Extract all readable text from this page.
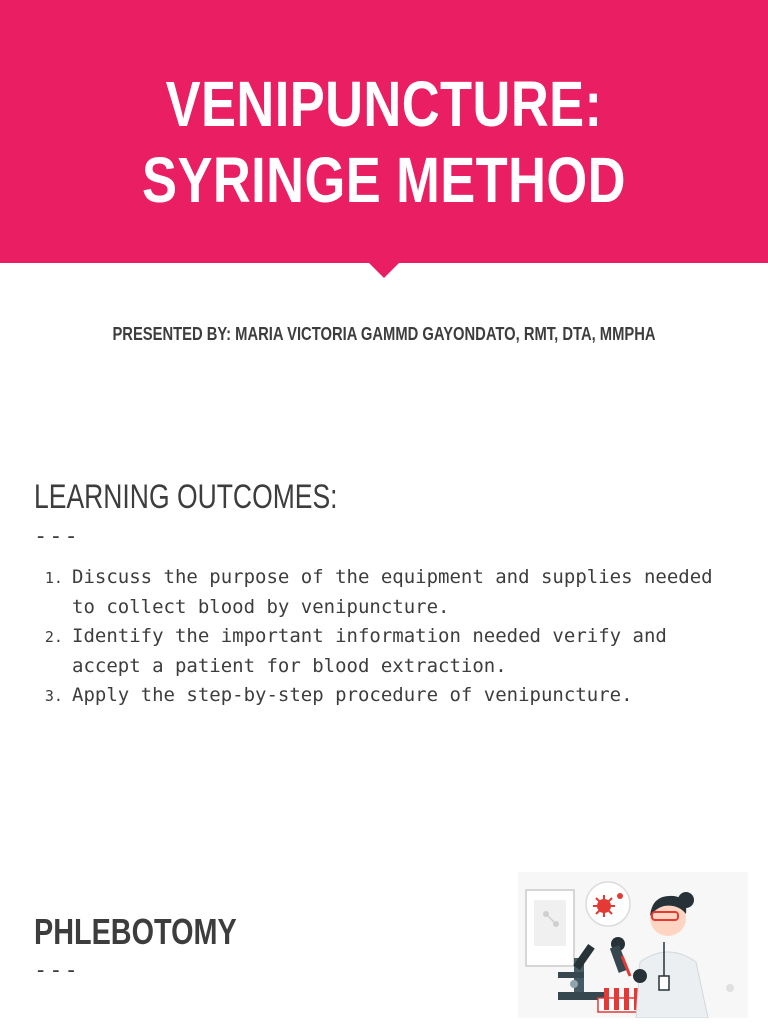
VENIPUNCTURE:
SYRINGE METHOD
PRESENTED BY: MARIA VICTORIA GAMMD GAYONDATO, RMT, DTA, MMPHA
LEARNING OUTCOMES:
---
1. Discuss the purpose of the equipment and supplies needed to collect blood by venipuncture.
2. Identify the important information needed verify and accept a patient for blood extraction.
3. Apply the step-by-step procedure of venipuncture.
PHLEBOTOMY
---
